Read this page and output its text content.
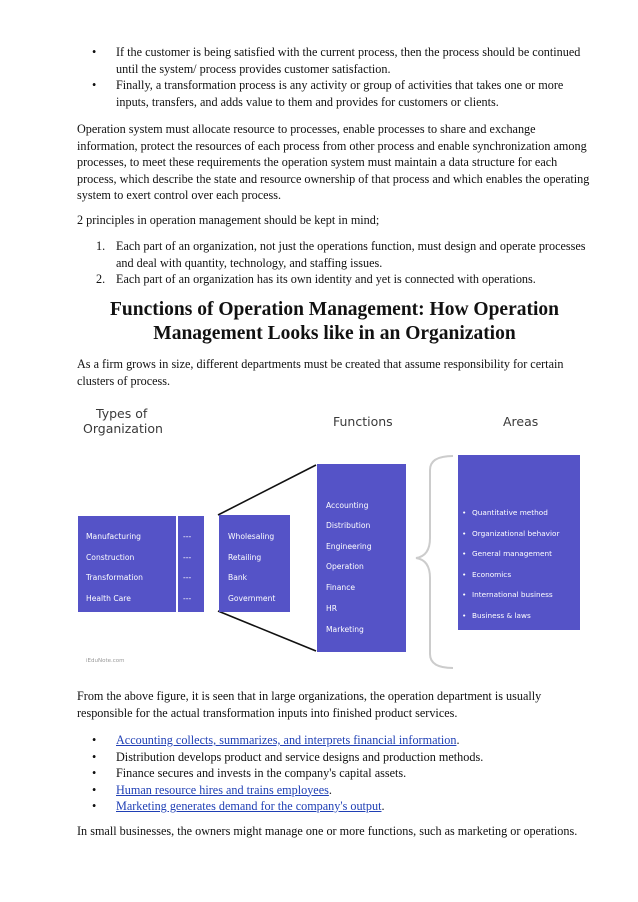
• If the customer is being satisfied with the current process, then the process should be continued until the system/ process provides customer satisfaction.
• Finally, a transformation process is any activity or group of activities that takes one or more inputs, transfers, and adds value to them and provides for customers or clients.

Operation system must allocate resource to processes, enable processes to share and exchange information, protect the resources of each process from other process and enable synchronization among processes, to meet these requirements the operation system must maintain a data structure for each process, which describe the state and resource ownership of that process and which enables the operating system to exert control over each process.

2 principles in operation management should be kept in mind;

1. Each part of an organization, not just the operations function, must design and operate processes and deal with quantity, technology, and staffing issues.
2. Each part of an organization has its own identity and yet is connected with operations.
Functions of Operation Management: How Operation Management Looks like in an Organization

As a firm grows in size, different departments must be created that assume responsibility for certain clusters of process.

Types of
Organization	Functions	Areas
Manufacturing
Construction
Transformation
Health Care
---
---
---
---
Wholesaling
Retailing
Bank
Government
Accounting
Distribution
Engineering
Operation
Finance
HR
Marketing
• Quantitative method
• Organizational behavior
• General management
• Economics
• International business
• Business & laws
iEduNote.com

From the above figure, it is seen that in large organizations, the operation department is usually responsible for the actual transformation inputs into finished product services.

• Accounting collects, summarizes, and interprets financial information.
• Distribution develops product and service designs and production methods.
• Finance secures and invests in the company's capital assets.
• Human resource hires and trains employees.
• Marketing generates demand for the company's output.

In small businesses, the owners might manage one or more functions, such as marketing or operations.
